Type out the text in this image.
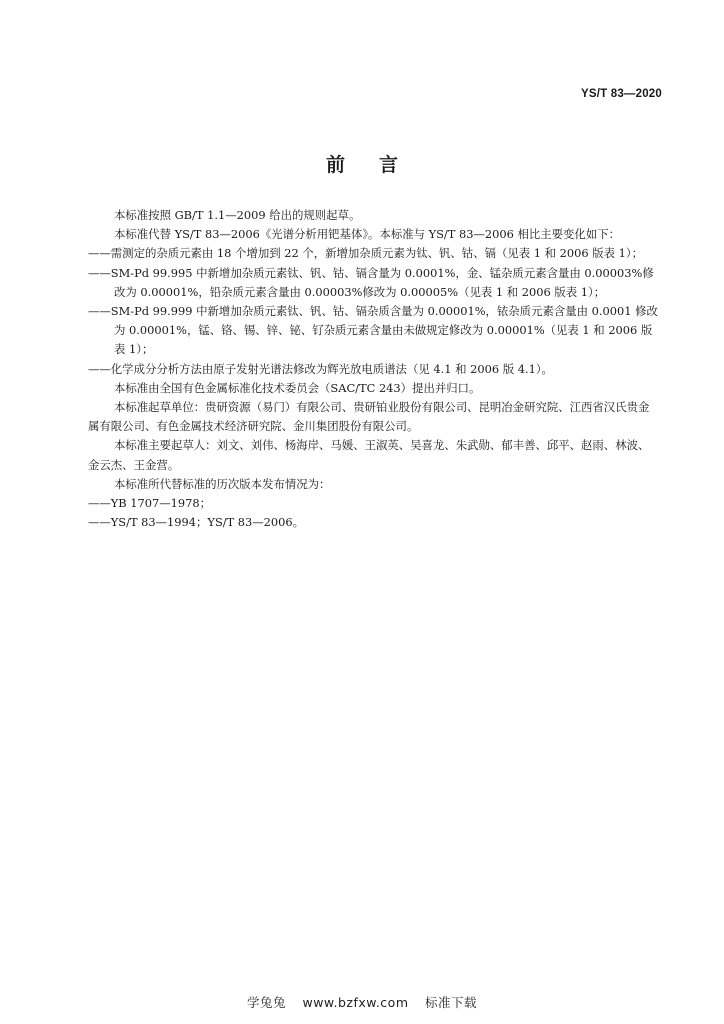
YS/T 83—2020
前 言

本标准按照 GB/T 1.1—2009 给出的规则起草。

本标准代替 YS/T 83—2006《光谱分析用钯基体》。本标准与 YS/T 83—2006 相比主要变化如下：

——需测定的杂质元素由 18 个增加到 22 个，新增加杂质元素为钛、钒、钴、镉（见表 1 和 2006 版表 1）；

——SM-Pd 99.995 中新增加杂质元素钛、钒、钴、镉含量为 0.0001%，金、锰杂质元素含量由 0.00003%修改为 0.00001%，铅杂质元素含量由 0.00003%修改为 0.00005%（见表 1 和 2006 版表 1）；

——SM-Pd 99.999 中新增加杂质元素钛、钒、钴、镉杂质含量为 0.00001%，铱杂质元素含量由 0.0001 修改为 0.00001%，锰、铬、锡、锌、铋、钌杂质元素含量由未做规定修改为 0.00001%（见表 1 和 2006 版表 1）；

——化学成分分析方法由原子发射光谱法修改为辉光放电质谱法（见 4.1 和 2006 版 4.1）。

本标准由全国有色金属标准化技术委员会（SAC/TC 243）提出并归口。

本标准起草单位：贵研资源（易门）有限公司、贵研铂业股份有限公司、昆明冶金研究院、江西省汉氏贵金属有限公司、有色金属技术经济研究院、金川集团股份有限公司。

本标准主要起草人：刘文、刘伟、杨海岸、马媛、王淑英、吴喜龙、朱武勋、郁丰善、邱平、赵雨、林波、金云杰、王金营。

本标准所代替标准的历次版本发布情况为：

——YB 1707—1978；

——YS/T 83—1994；YS/T 83—2006。

学兔兔 www.bzfxw.com 标准下载
